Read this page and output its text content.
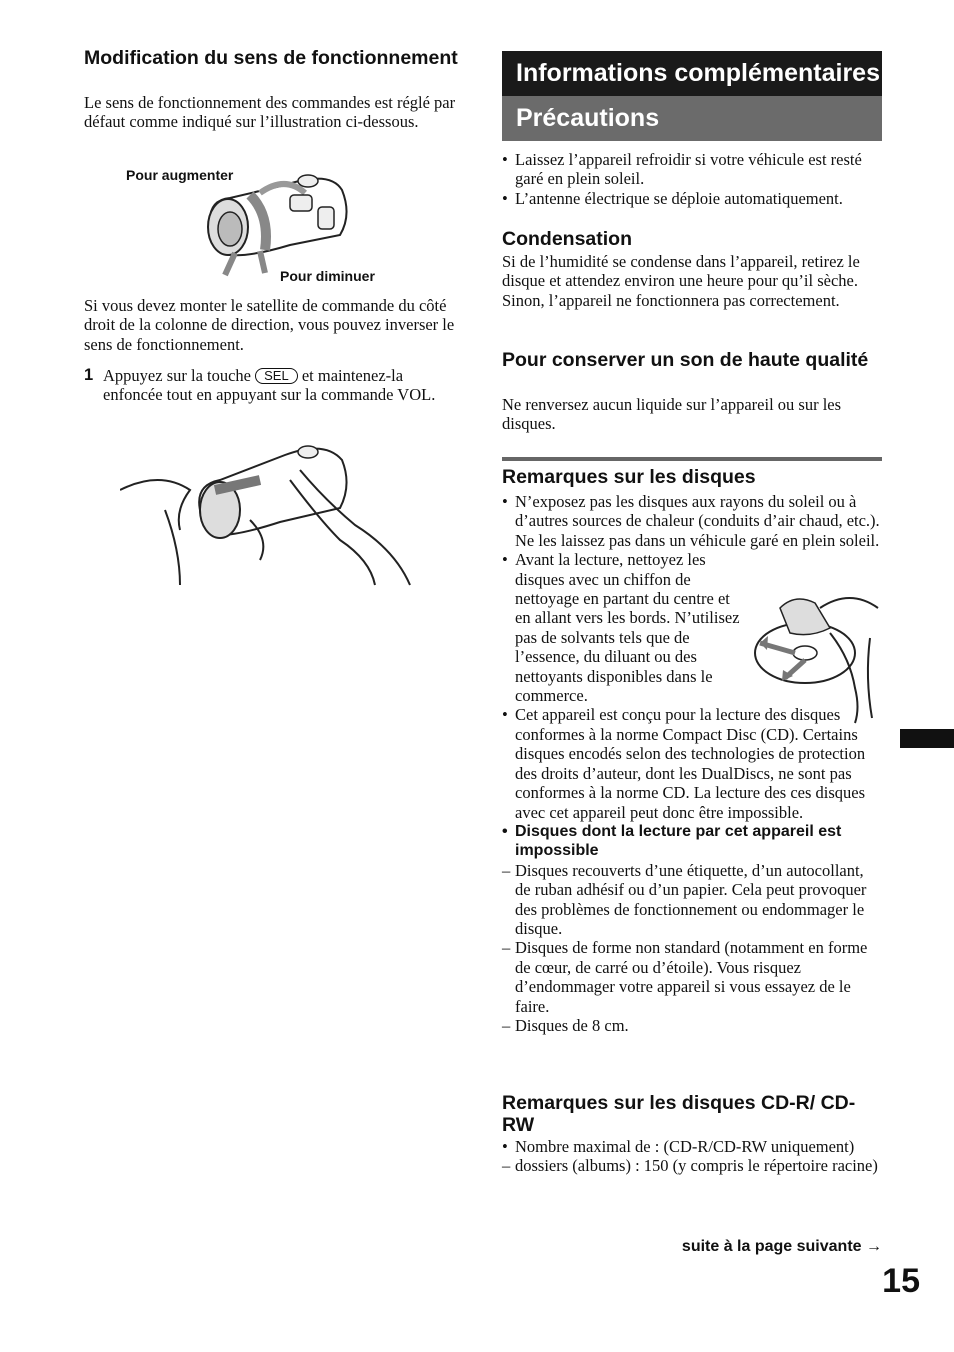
Modification du sens de fonctionnement

Le sens de fonctionnement des commandes est réglé par défaut comme indiqué sur l’illustration ci-dessous.

Pour augmenter
Pour diminuer

Si vous devez monter le satellite de commande du côté droit de la colonne de direction, vous pouvez inverser le sens de fonctionnement.

1 Appuyez sur la touche SEL et maintenez-la enfoncée tout en appuyant sur la commande VOL.
Informations complémentaires
Précautions
• Laissez l’appareil refroidir si votre véhicule est resté garé en plein soleil.
• L’antenne électrique se déploie automatiquement.
Condensation

Si de l’humidité se condense dans l’appareil, retirez le disque et attendez environ une heure pour qu’il sèche. Sinon, l’appareil ne fonctionnera pas correctement.

Pour conserver un son de haute qualité

Ne renversez aucun liquide sur l’appareil ou sur les disques.

Remarques sur les disques
• N’exposez pas les disques aux rayons du soleil ou à d’autres sources de chaleur (conduits d’air chaud, etc.). Ne les laissez pas dans un véhicule garé en plein soleil.
• Avant la lecture, nettoyez les disques avec un chiffon de nettoyage en partant du centre et en allant vers les bords. N’utilisez pas de solvants tels que de l’essence, du diluant ou des nettoyants disponibles dans le commerce.
• Cet appareil est conçu pour la lecture des disques conformes à la norme Compact Disc (CD). Certains disques encodés selon des technologies de protection des droits d’auteur, dont les DualDiscs, ne sont pas conformes à la norme CD. La lecture des ces disques avec cet appareil peut donc être impossible.
• Disques dont la lecture par cet appareil est impossible
– Disques recouverts d’une étiquette, d’un autocollant, de ruban adhésif ou d’un papier. Cela peut provoquer des problèmes de fonctionnement ou endommager le disque.
– Disques de forme non standard (notamment en forme de cœur, de carré ou d’étoile). Vous risquez d’endommager votre appareil si vous essayez de le faire.
– Disques de 8 cm.
Remarques sur les disques CD-R/ CD-RW
• Nombre maximal de : (CD-R/CD-RW uniquement)
– dossiers (albums) : 150 (y compris le répertoire racine)
suite à la page suivante →
15
